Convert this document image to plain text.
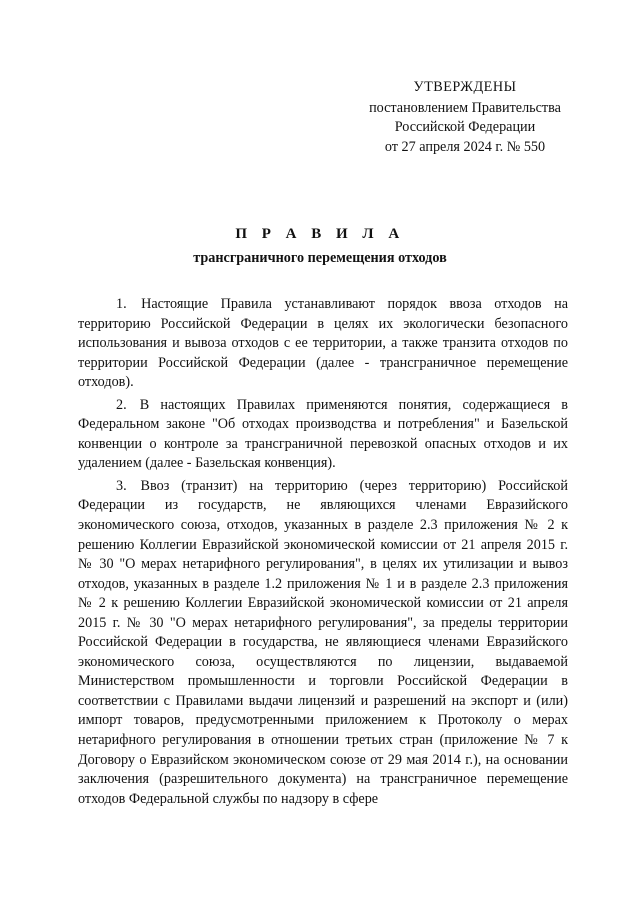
УТВЕРЖДЕНЫ
постановлением Правительства
Российской Федерации
от 27 апреля 2024 г. № 550
П Р А В И Л А
трансграничного перемещения отходов

1. Настоящие Правила устанавливают порядок ввоза отходов на территорию Российской Федерации в целях их экологически безопасного использования и вывоза отходов с ее территории, а также транзита отходов по территории Российской Федерации (далее - трансграничное перемещение отходов).

2. В настоящих Правилах применяются понятия, содержащиеся в Федеральном законе "Об отходах производства и потребления" и Базельской конвенции о контроле за трансграничной перевозкой опасных отходов и их удалением (далее - Базельская конвенция).

3. Ввоз (транзит) на территорию (через территорию) Российской Федерации из государств, не являющихся членами Евразийского экономического союза, отходов, указанных в разделе 2.3 приложения № 2 к решению Коллегии Евразийской экономической комиссии от 21 апреля 2015 г. № 30 "О мерах нетарифного регулирования", в целях их утилизации и вывоз отходов, указанных в разделе 1.2 приложения № 1 и в разделе 2.3 приложения № 2 к решению Коллегии Евразийской экономической комиссии от 21 апреля 2015 г. № 30 "О мерах нетарифного регулирования", за пределы территории Российской Федерации в государства, не являющиеся членами Евразийского экономического союза, осуществляются по лицензии, выдаваемой Министерством промышленности и торговли Российской Федерации в соответствии с Правилами выдачи лицензий и разрешений на экспорт и (или) импорт товаров, предусмотренными приложением к Протоколу о мерах нетарифного регулирования в отношении третьих стран (приложение № 7 к Договору о Евразийском экономическом союзе от 29 мая 2014 г.), на основании заключения (разрешительного документа) на трансграничное перемещение отходов Федеральной службы по надзору в сфере
